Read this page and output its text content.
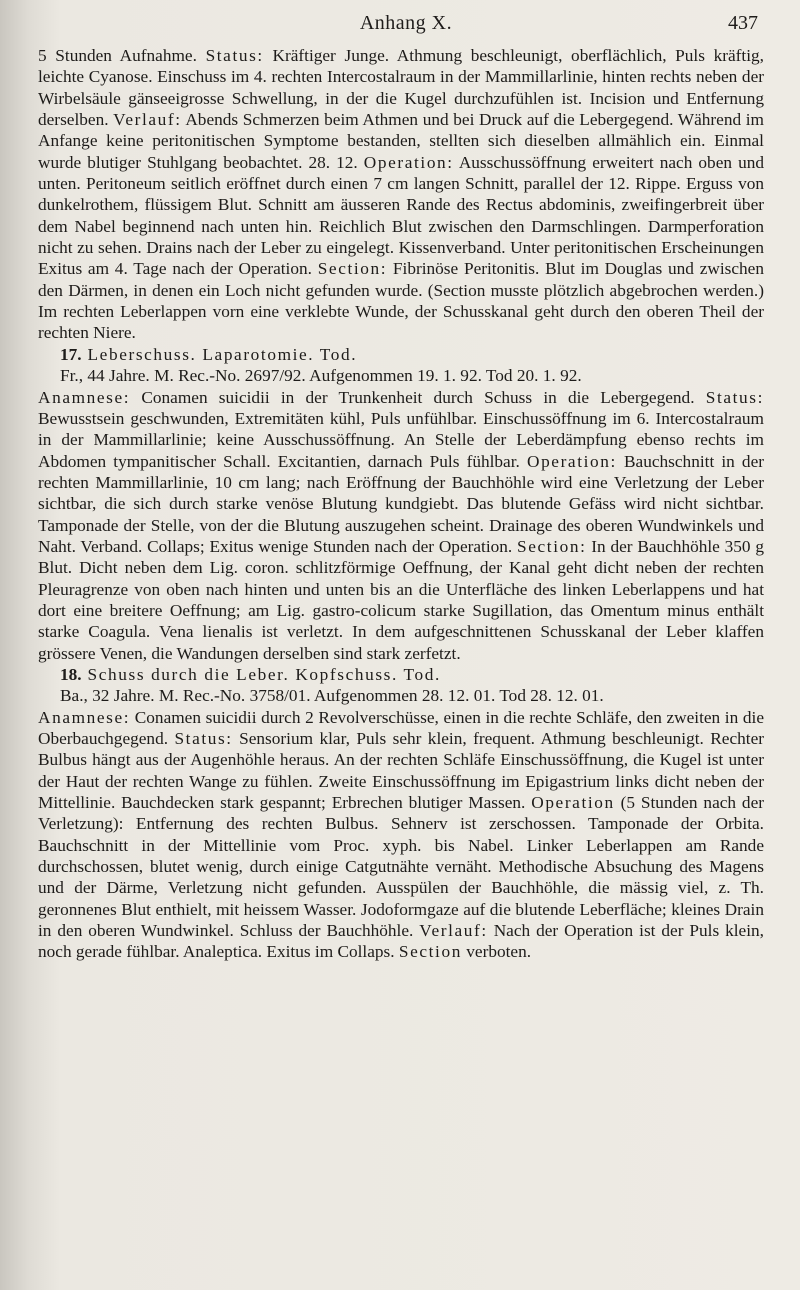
Anhang X.	437

5 Stunden Aufnahme. Status: Kräftiger Junge. Athmung beschleunigt, oberflächlich, Puls kräftig, leichte Cyanose. Einschuss im 4. rechten Intercostalraum in der Mammillarlinie, hinten rechts neben der Wirbelsäule gänseeigrosse Schwellung, in der die Kugel durchzufühlen ist. Incision und Entfernung derselben. Verlauf: Abends Schmerzen beim Athmen und bei Druck auf die Lebergegend. Während im Anfange keine peritonitischen Symptome bestanden, stellten sich dieselben allmählich ein. Einmal wurde blutiger Stuhlgang beobachtet. 28. 12. Operation: Ausschussöffnung erweitert nach oben und unten. Peritoneum seitlich eröffnet durch einen 7 cm langen Schnitt, parallel der 12. Rippe. Erguss von dunkelrothem, flüssigem Blut. Schnitt am äusseren Rande des Rectus abdominis, zweifingerbreit über dem Nabel beginnend nach unten hin. Reichlich Blut zwischen den Darmschlingen. Darmperforation nicht zu sehen. Drains nach der Leber zu eingelegt. Kissenverband. Unter peritonitischen Erscheinungen Exitus am 4. Tage nach der Operation. Section: Fibrinöse Peritonitis. Blut im Douglas und zwischen den Därmen, in denen ein Loch nicht gefunden wurde. (Section musste plötzlich abgebrochen werden.) Im rechten Leberlappen vorn eine verklebte Wunde, der Schusskanal geht durch den oberen Theil der rechten Niere.

17. Leberschuss. Laparotomie. Tod.

Fr., 44 Jahre. M. Rec.-No. 2697/92. Aufgenommen 19. 1. 92. Tod 20. 1. 92.

Anamnese: Conamen suicidii in der Trunkenheit durch Schuss in die Lebergegend. Status: Bewusstsein geschwunden, Extremitäten kühl, Puls unfühlbar. Einschussöffnung im 6. Intercostalraum in der Mammillarlinie; keine Ausschussöffnung. An Stelle der Leberdämpfung ebenso rechts im Abdomen tympanitischer Schall. Excitantien, darnach Puls fühlbar. Operation: Bauchschnitt in der rechten Mammillarlinie, 10 cm lang; nach Eröffnung der Bauchhöhle wird eine Verletzung der Leber sichtbar, die sich durch starke venöse Blutung kundgiebt. Das blutende Gefäss wird nicht sichtbar. Tamponade der Stelle, von der die Blutung auszugehen scheint. Drainage des oberen Wundwinkels und Naht. Verband. Collaps; Exitus wenige Stunden nach der Operation. Section: In der Bauchhöhle 350 g Blut. Dicht neben dem Lig. coron. schlitzförmige Oeffnung, der Kanal geht dicht neben der rechten Pleuragrenze von oben nach hinten und unten bis an die Unterfläche des linken Leberlappens und hat dort eine breitere Oeffnung; am Lig. gastro-colicum starke Sugillation, das Omentum minus enthält starke Coagula. Vena lienalis ist verletzt. In dem aufgeschnittenen Schusskanal der Leber klaffen grössere Venen, die Wandungen derselben sind stark zerfetzt.

18. Schuss durch die Leber. Kopfschuss. Tod.

Ba., 32 Jahre. M. Rec.-No. 3758/01. Aufgenommen 28. 12. 01. Tod 28. 12. 01.

Anamnese: Conamen suicidii durch 2 Revolverschüsse, einen in die rechte Schläfe, den zweiten in die Oberbauchgegend. Status: Sensorium klar, Puls sehr klein, frequent. Athmung beschleunigt. Rechter Bulbus hängt aus der Augenhöhle heraus. An der rechten Schläfe Einschussöffnung, die Kugel ist unter der Haut der rechten Wange zu fühlen. Zweite Einschussöffnung im Epigastrium links dicht neben der Mittellinie. Bauchdecken stark gespannt; Erbrechen blutiger Massen. Operation (5 Stunden nach der Verletzung): Entfernung des rechten Bulbus. Sehnerv ist zerschossen. Tamponade der Orbita. Bauchschnitt in der Mittellinie vom Proc. xyph. bis Nabel. Linker Leberlappen am Rande durchschossen, blutet wenig, durch einige Catgutnähte vernäht. Methodische Absuchung des Magens und der Därme, Verletzung nicht gefunden. Ausspülen der Bauchhöhle, die mässig viel, z. Th. geronnenes Blut enthielt, mit heissem Wasser. Jodoformgaze auf die blutende Leberfläche; kleines Drain in den oberen Wundwinkel. Schluss der Bauchhöhle. Verlauf: Nach der Operation ist der Puls klein, noch gerade fühlbar. Analeptica. Exitus im Collaps. Section verboten.
